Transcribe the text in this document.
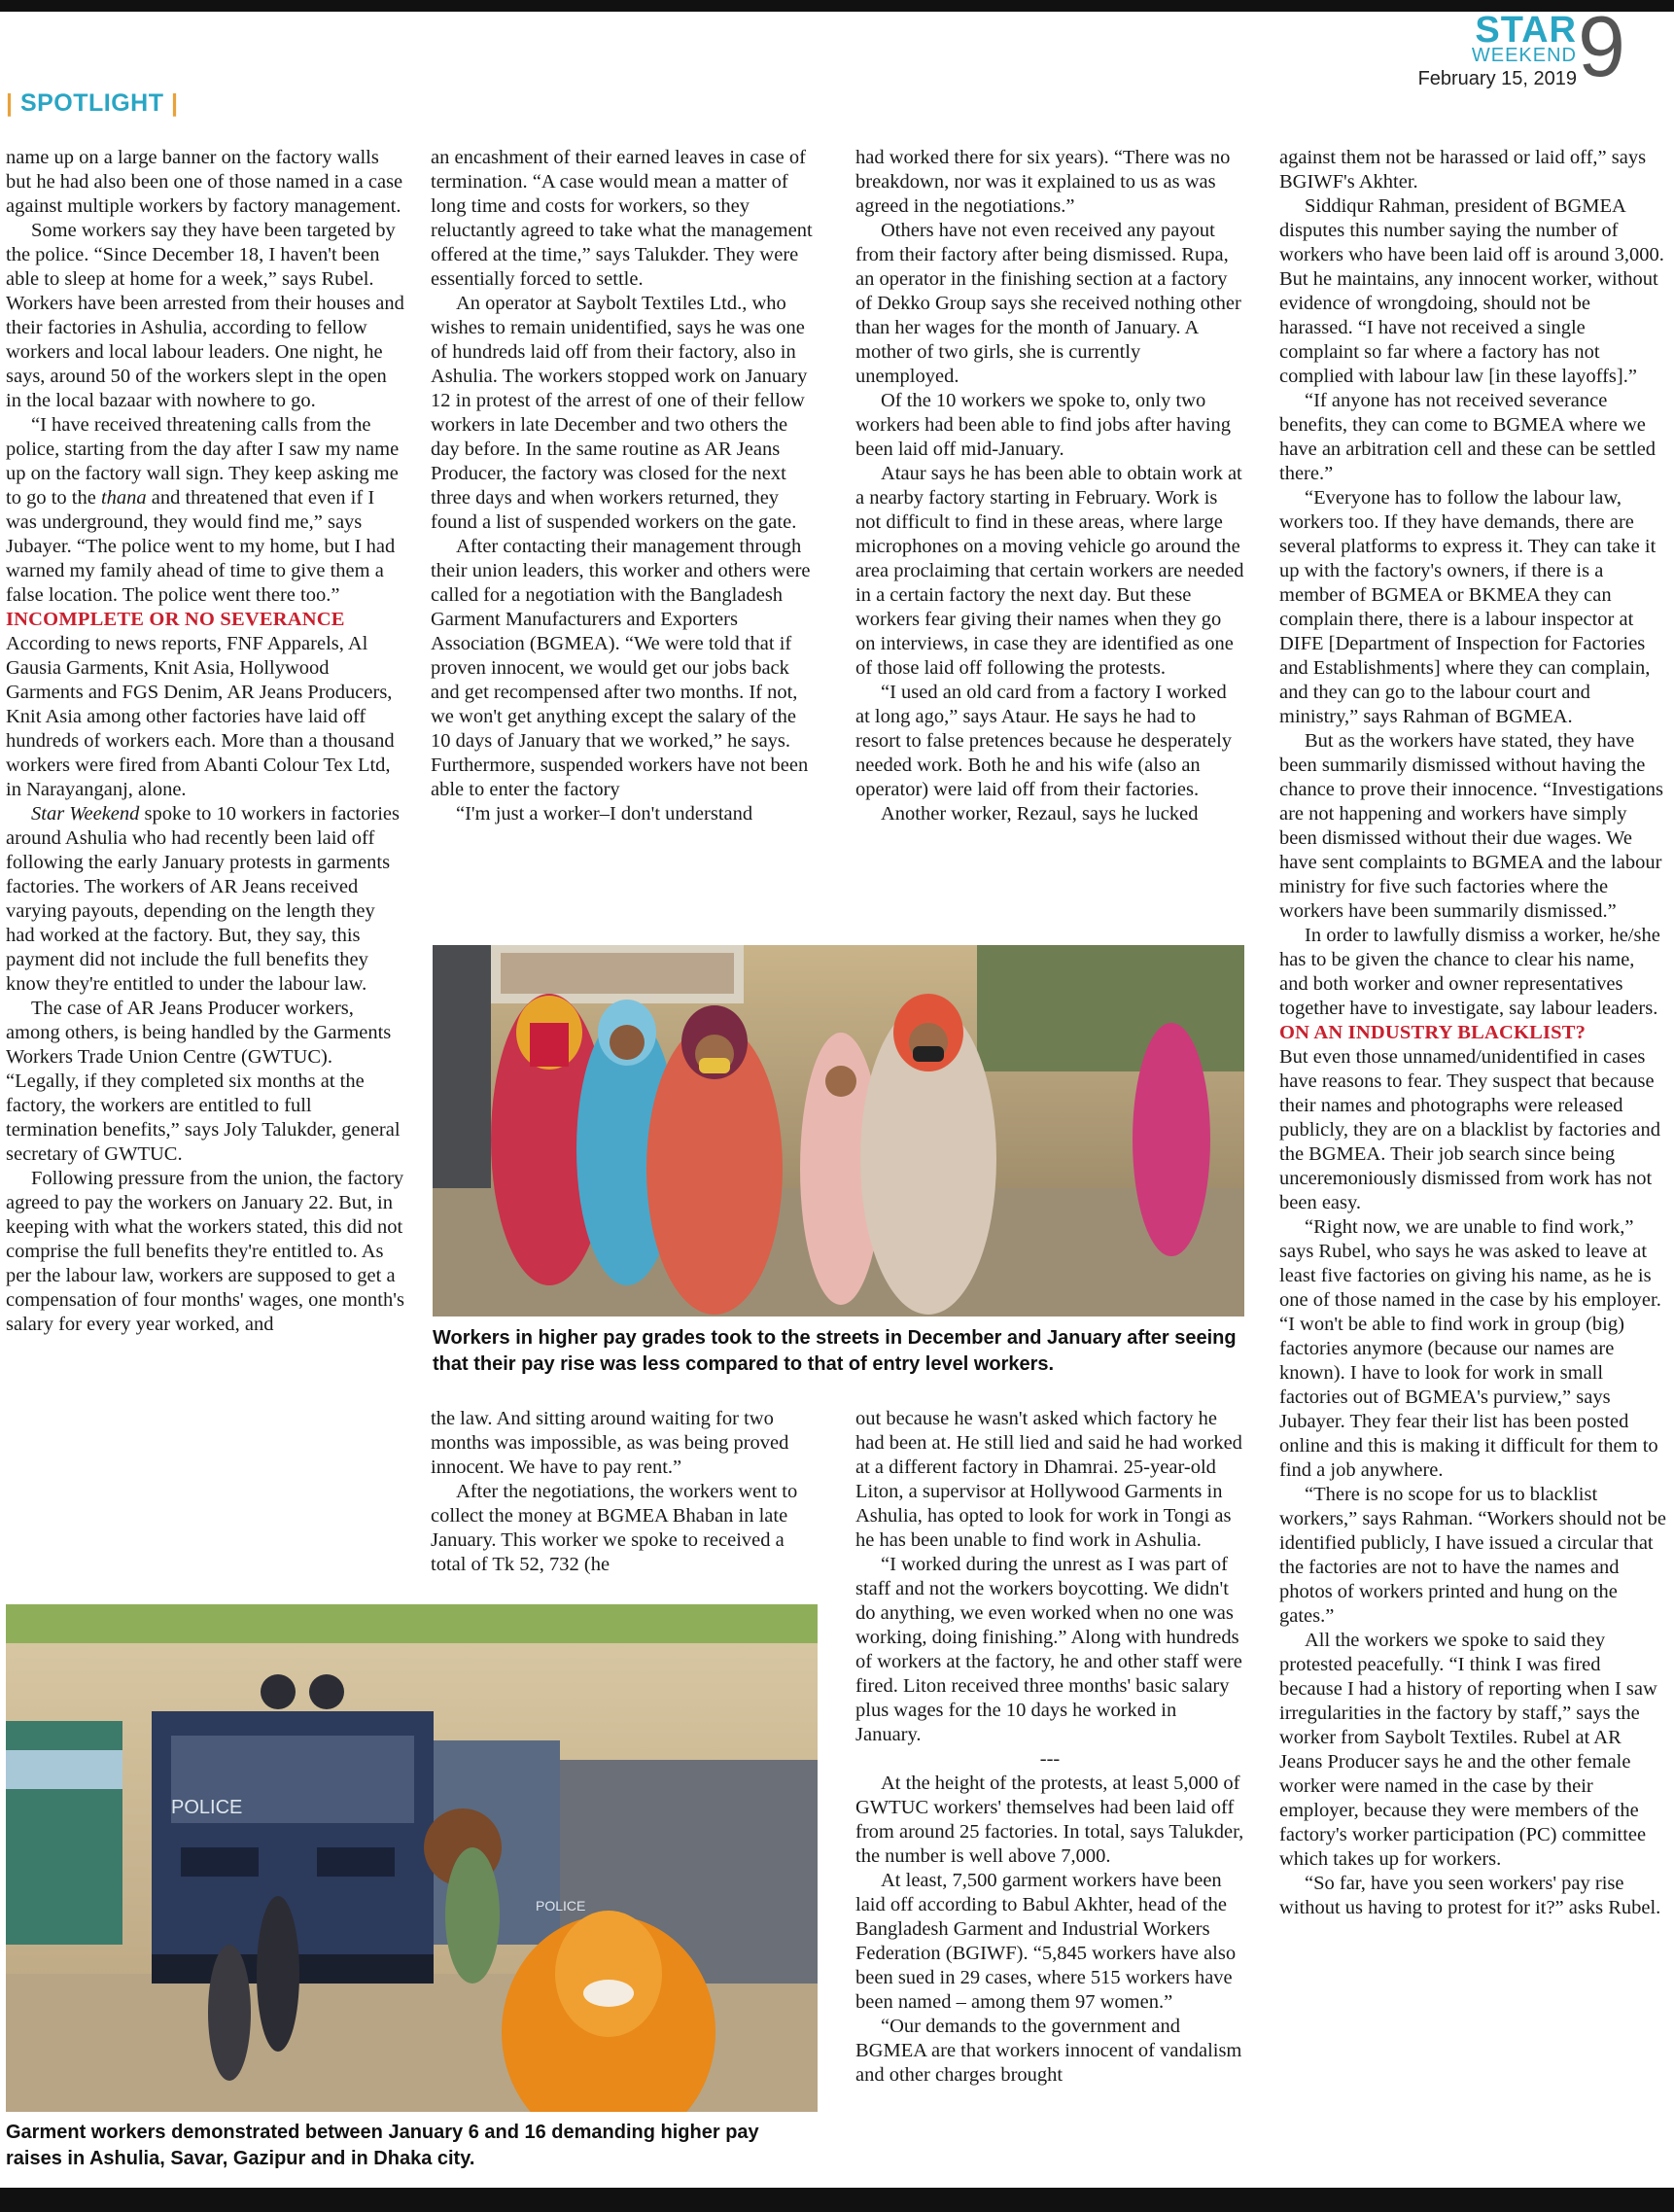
STAR
WEEKEND
February 15, 2019 9
| SPOTLIGHT |

name up on a large banner on the factory walls but he had also been one of those named in a case against multiple workers by factory management.

Some workers say they have been targeted by the police. “Since December 18, I haven't been able to sleep at home for a week,” says Rubel. Workers have been arrested from their houses and their factories in Ashulia, according to fellow workers and local labour leaders. One night, he says, around 50 of the workers slept in the open in the local bazaar with nowhere to go.

“I have received threatening calls from the police, starting from the day after I saw my name up on the factory wall sign. They keep asking me to go to the thana and threatened that even if I was underground, they would find me,” says Jubayer. “The police went to my home, but I had warned my family ahead of time to give them a false location. The police went there too.”

INCOMPLETE OR NO SEVERANCE

According to news reports, FNF Apparels, Al Gausia Garments, Knit Asia, Hollywood Garments and FGS Denim, AR Jeans Producers, Knit Asia among other factories have laid off hundreds of workers each. More than a thousand workers were fired from Abanti Colour Tex Ltd, in Narayanganj, alone.

Star Weekend spoke to 10 workers in factories around Ashulia who had recently been laid off following the early January protests in garments factories. The workers of AR Jeans received varying payouts, depending on the length they had worked at the factory. But, they say, this payment did not include the full benefits they know they're entitled to under the labour law.

The case of AR Jeans Producer workers, among others, is being handled by the Garments Workers Trade Union Centre (GWTUC). “Legally, if they completed six months at the factory, the workers are entitled to full termination benefits,” says Joly Talukder, general secretary of GWTUC.

Following pressure from the union, the factory agreed to pay the workers on January 22. But, in keeping with what the workers stated, this did not comprise the full benefits they're entitled to. As per the labour law, workers are supposed to get a compensation of four months' wages, one month's salary for every year worked, and

an encashment of their earned leaves in case of termination. “A case would mean a matter of long time and costs for workers, so they reluctantly agreed to take what the management offered at the time,” says Talukder. They were essentially forced to settle.

An operator at Saybolt Textiles Ltd., who wishes to remain unidentified, says he was one of hundreds laid off from their factory, also in Ashulia. The workers stopped work on January 12 in protest of the arrest of one of their fellow workers in late December and two others the day before. In the same routine as AR Jeans Producer, the factory was closed for the next three days and when workers returned, they found a list of suspended workers on the gate.

After contacting their management through their union leaders, this worker and others were called for a negotiation with the Bangladesh Garment Manufacturers and Exporters Association (BGMEA). “We were told that if proven innocent, we would get our jobs back and get recompensed after two months. If not, we won't get anything except the salary of the 10 days of January that we worked,” he says. Furthermore, suspended workers have not been able to enter the factory

“I'm just a worker–I don't understand

had worked there for six years). “There was no breakdown, nor was it explained to us as was agreed in the negotiations.”

Others have not even received any payout from their factory after being dismissed. Rupa, an operator in the finishing section at a factory of Dekko Group says she received nothing other than her wages for the month of January. A mother of two girls, she is currently unemployed.

Of the 10 workers we spoke to, only two workers had been able to find jobs after having been laid off mid-January.

Ataur says he has been able to obtain work at a nearby factory starting in February. Work is not difficult to find in these areas, where large microphones on a moving vehicle go around the area proclaiming that certain workers are needed in a certain factory the next day. But these workers fear giving their names when they go on interviews, in case they are identified as one of those laid off following the protests.

“I used an old card from a factory I worked at long ago,” says Ataur. He says he had to resort to false pretences because he desperately needed work. Both he and his wife (also an operator) were laid off from their factories.

Another worker, Rezaul, says he lucked

Workers in higher pay grades took to the streets in December and January after seeing that their pay rise was less compared to that of entry level workers.

the law. And sitting around waiting for two months was impossible, as was being proved innocent. We have to pay rent.”

After the negotiations, the workers went to collect the money at BGMEA Bhaban in late January. This worker we spoke to received a total of Tk 52, 732 (he

out because he wasn't asked which factory he had been at. He still lied and said he had worked at a different factory in Dhamrai. 25-year-old Liton, a supervisor at Hollywood Garments in Ashulia, has opted to look for work in Tongi as he has been unable to find work in Ashulia.

“I worked during the unrest as I was part of staff and not the workers boycotting. We didn't do anything, we even worked when no one was working, doing finishing.” Along with hundreds of workers at the factory, he and other staff were fired. Liton received three months' basic salary plus wages for the 10 days he worked in January.

---

At the height of the protests, at least 5,000 of GWTUC workers' themselves had been laid off from around 25 factories. In total, says Talukder, the number is well above 7,000.

At least, 7,500 garment workers have been laid off according to Babul Akhter, head of the Bangladesh Garment and Industrial Workers Federation (BGIWF). “5,845 workers have also been sued in 29 cases, where 515 workers have been named – among them 97 women.”

“Our demands to the government and BGMEA are that workers innocent of vandalism and other charges brought

POLICE
POLICE
Garment workers demonstrated between January 6 and 16 demanding higher pay raises in Ashulia, Savar, Gazipur and in Dhaka city.

against them not be harassed or laid off,” says BGIWF's Akhter.

Siddiqur Rahman, president of BGMEA disputes this number saying the number of workers who have been laid off is around 3,000. But he maintains, any innocent worker, without evidence of wrongdoing, should not be harassed. “I have not received a single complaint so far where a factory has not complied with labour law [in these layoffs].”

“If anyone has not received severance benefits, they can come to BGMEA where we have an arbitration cell and these can be settled there.”

“Everyone has to follow the labour law, workers too. If they have demands, there are several platforms to express it. They can take it up with the factory's owners, if there is a member of BGMEA or BKMEA they can complain there, there is a labour inspector at DIFE [Department of Inspection for Factories and Establishments] where they can complain, and they can go to the labour court and ministry,” says Rahman of BGMEA.

But as the workers have stated, they have been summarily dismissed without having the chance to prove their innocence. “Investigations are not happening and workers have simply been dismissed without their due wages. We have sent complaints to BGMEA and the labour ministry for five such factories where the workers have been summarily dismissed.”

In order to lawfully dismiss a worker, he/she has to be given the chance to clear his name, and both worker and owner representatives together have to investigate, say labour leaders.

ON AN INDUSTRY BLACKLIST?

But even those unnamed/unidentified in cases have reasons to fear. They suspect that because their names and photographs were released publicly, they are on a blacklist by factories and the BGMEA. Their job search since being unceremoniously dismissed from work has not been easy.

“Right now, we are unable to find work,” says Rubel, who says he was asked to leave at least five factories on giving his name, as he is one of those named in the case by his employer. “I won't be able to find work in group (big) factories anymore (because our names are known). I have to look for work in small factories out of BGMEA's purview,” says Jubayer. They fear their list has been posted online and this is making it difficult for them to find a job anywhere.

“There is no scope for us to blacklist workers,” says Rahman. “Workers should not be identified publicly, I have issued a circular that the factories are not to have the names and photos of workers printed and hung on the gates.”

All the workers we spoke to said they protested peacefully. “I think I was fired because I had a history of reporting when I saw irregularities in the factory by staff,” says the worker from Saybolt Textiles. Rubel at AR Jeans Producer says he and the other female worker were named in the case by their employer, because they were members of the factory's worker participation (PC) committee which takes up for workers.

“So far, have you seen workers' pay rise without us having to protest for it?” asks Rubel.
